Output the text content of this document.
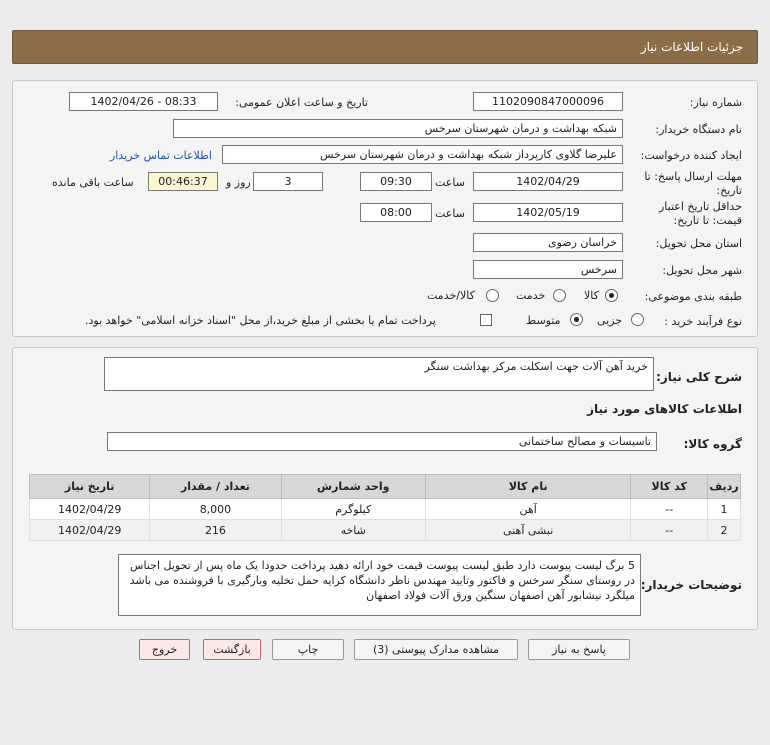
جزئیات اطلاعات نیاز
شماره نیاز:
1102090847000096
تاریخ و ساعت اعلان عمومی:
1402/04/26 - 08:33
نام دستگاه خریدار:
شبکه بهداشت و درمان شهرستان سرخس
ایجاد کننده درخواست:
علیرضا گلاوی کارپرداز شبکه بهداشت و درمان شهرستان سرخس
اطلاعات تماس خریدار
مهلت ارسال پاسخ: تا تاریخ:
1402/04/29
ساعت
09:30
3
روز و
00:46:37
ساعت باقی مانده
حداقل تاریخ اعتبار قیمت: تا تاریخ:
1402/05/19
ساعت
08:00
استان محل تحویل:
خراسان رضوی
شهر محل تحویل:
سرخس
طبقه بندی موضوعی:
کالا
خدمت
کالا/خدمت
نوع فرآیند خرید :
جزیی
متوسط
پرداخت تمام یا بخشی از مبلغ خرید،از محل "اسناد خزانه اسلامی" خواهد بود.
شرح کلی نیاز:
خرید آهن آلات جهت اسکلت مرکز بهداشت سنگر
اطلاعات کالاهای مورد نیاز
گروه کالا:
تاسیسات و مصالح ساختمانی
ردیف	کد کالا	نام کالا	واحد شمارش	تعداد / مقدار	تاریخ نیاز
1	--	آهن	کیلوگرم	8,000	1402/04/29
2	--	نبشی آهنی	شاخه	216	1402/04/29
توضیحات خریدار:
5 برگ لیست پیوست دارد طبق لیست پیوست قیمت خود ارائه دهید پرداخت حدودا یک ماه پس از تحویل اجناس در روستای سنگر سرخس و فاکتور وتایید مهندس ناظر دانشگاه کرایه حمل تخلیه وبارگیری با فروشنده می باشد میلگرد نیشابور آهن اصفهان سنگین ورق آلات فولاد اصفهان
پاسخ به نیاز
مشاهده مدارک پیوستی (3)
چاپ
بازگشت
خروج
